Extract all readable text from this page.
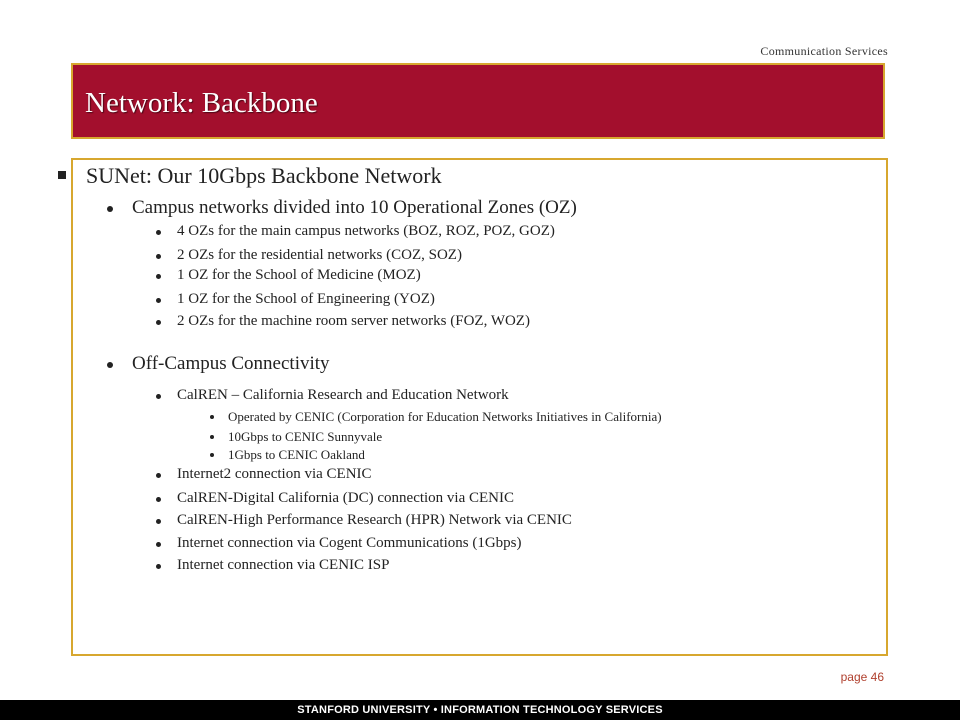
Communication Services
Network: Backbone
SUNet: Our 10Gbps Backbone Network
Campus networks divided into 10 Operational Zones (OZ)
4 OZs for the main campus networks (BOZ, ROZ, POZ, GOZ)
2 OZs for the residential networks (COZ, SOZ)
1 OZ for the School of Medicine (MOZ)
1 OZ for the School of Engineering (YOZ)
2 OZs for the machine room server networks (FOZ, WOZ)
Off-Campus Connectivity
CalREN – California Research and Education Network
Operated by CENIC (Corporation for Education Networks Initiatives in California)
10Gbps to CENIC Sunnyvale
1Gbps to CENIC Oakland
Internet2 connection via CENIC
CalREN-Digital California (DC) connection via CENIC
CalREN-High Performance Research (HPR) Network via CENIC
Internet connection via Cogent Communications (1Gbps)
Internet connection via CENIC ISP
page 46
STANFORD UNIVERSITY • INFORMATION TECHNOLOGY SERVICES
